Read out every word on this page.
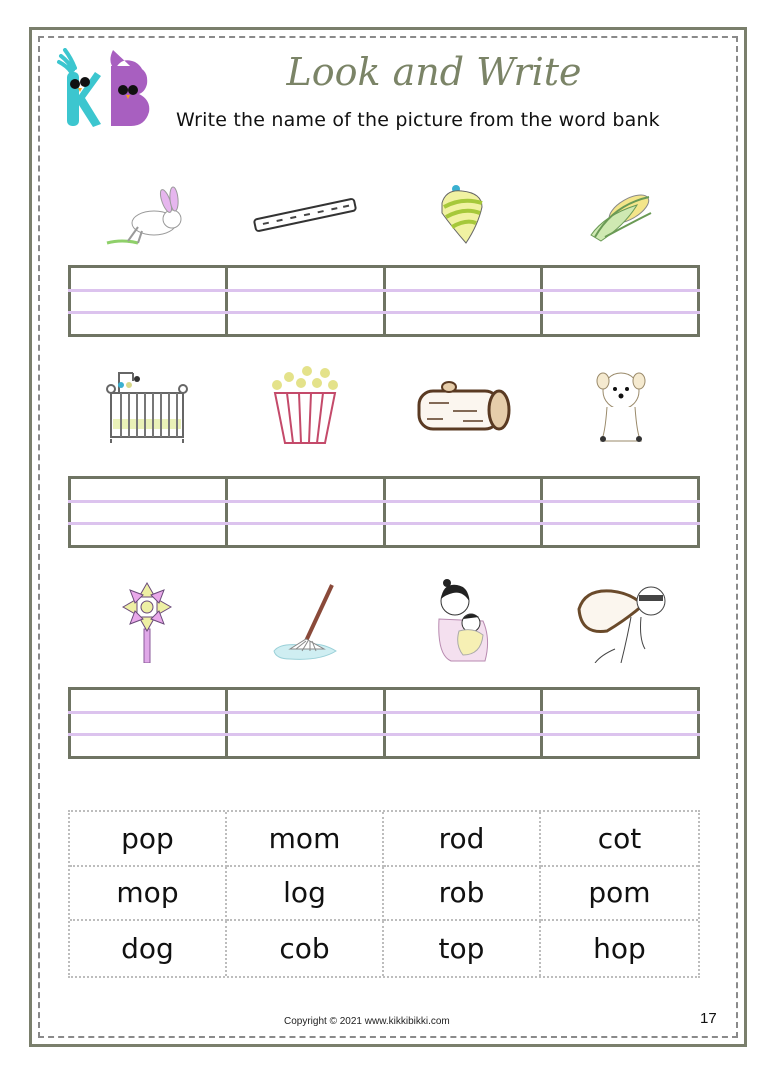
Look and Write
Write the name of the picture from the word bank
pop	mom	rod	cot
mop	log	rob	pom
dog	cob	top	hop
Copyright © 2021 www.kikkibikki.com	17
